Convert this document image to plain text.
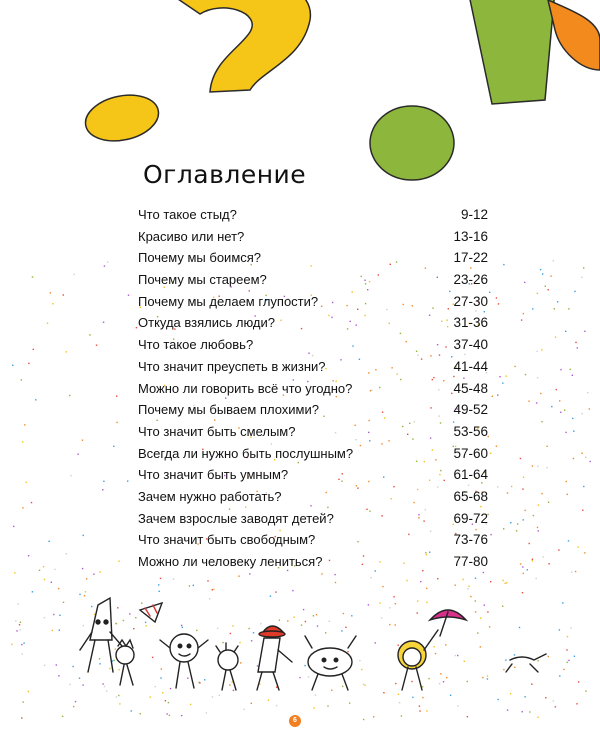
Оглавление
Что такое стыд?	9-12
Красиво или нет?	13-16
Почему мы боимся?	17-22
Почему мы стареем?	23-26
Почему мы делаем глупости?	27-30
Откуда взялись люди?	31-36
Что такое любовь?	37-40
Что значит преуспеть в жизни?	41-44
Можно ли говорить всё что угодно?	45-48
Почему мы бываем плохими?	49-52
Что значит быть смелым?	53-56
Всегда ли нужно быть послушным?	57-60
Что значит быть умным?	61-64
Зачем нужно работать?	65-68
Зачем взрослые заводят детей?	69-72
Что значит быть свободным?	73-76
Можно ли человеку лениться?	77-80
6
